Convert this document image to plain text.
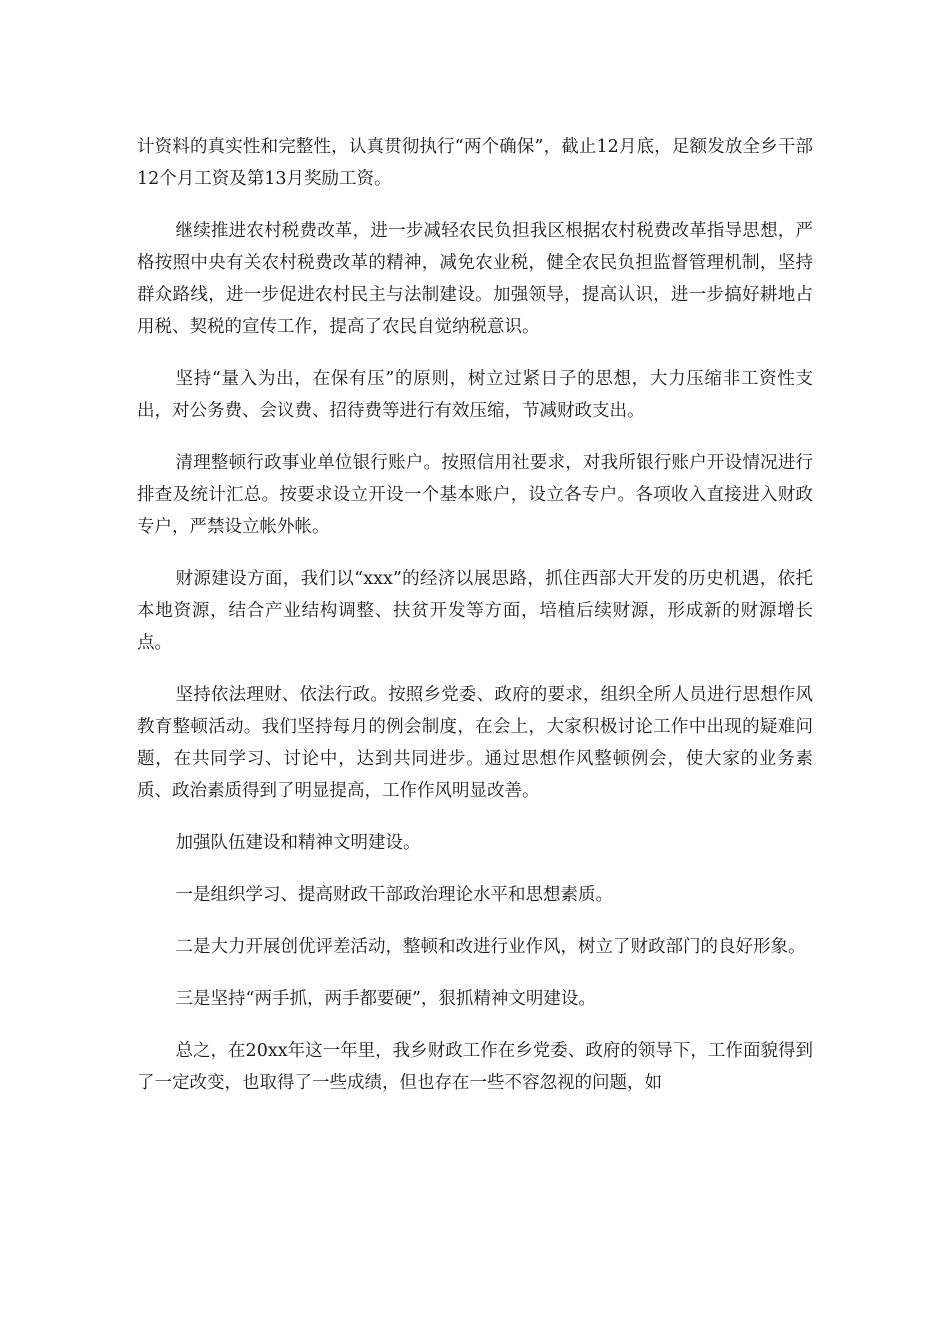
计资料的真实性和完整性，认真贯彻执行“两个确保”，截止12月底，足额发放全乡干部12个月工资及第13月奖励工资。

继续推进农村税费改革，进一步减轻农民负担我区根据农村税费改革指导思想，严格按照中央有关农村税费改革的精神，减免农业税，健全农民负担监督管理机制，坚持群众路线，进一步促进农村民主与法制建设。加强领导，提高认识，进一步搞好耕地占用税、契税的宣传工作，提高了农民自觉纳税意识。

坚持“量入为出，在保有压”的原则，树立过紧日子的思想，大力压缩非工资性支出，对公务费、会议费、招待费等进行有效压缩，节减财政支出。

清理整顿行政事业单位银行账户。按照信用社要求，对我所银行账户开设情况进行排查及统计汇总。按要求设立开设一个基本账户，设立各专户。各项收入直接进入财政专户，严禁设立帐外帐。

财源建设方面，我们以“xxx”的经济以展思路，抓住西部大开发的历史机遇，依托本地资源，结合产业结构调整、扶贫开发等方面，培植后续财源，形成新的财源增长点。

坚持依法理财、依法行政。按照乡党委、政府的要求，组织全所人员进行思想作风教育整顿活动。我们坚持每月的例会制度，在会上，大家积极讨论工作中出现的疑难问题，在共同学习、讨论中，达到共同进步。通过思想作风整顿例会，使大家的业务素质、政治素质得到了明显提高，工作作风明显改善。

加强队伍建设和精神文明建设。

一是组织学习、提高财政干部政治理论水平和思想素质。

二是大力开展创优评差活动，整顿和改进行业作风，树立了财政部门的良好形象。

三是坚持“两手抓，两手都要硬”，狠抓精神文明建设。

总之，在20xx年这一年里，我乡财政工作在乡党委、政府的领导下，工作面貌得到了一定改变，也取得了一些成绩，但也存在一些不容忽视的问题，如
